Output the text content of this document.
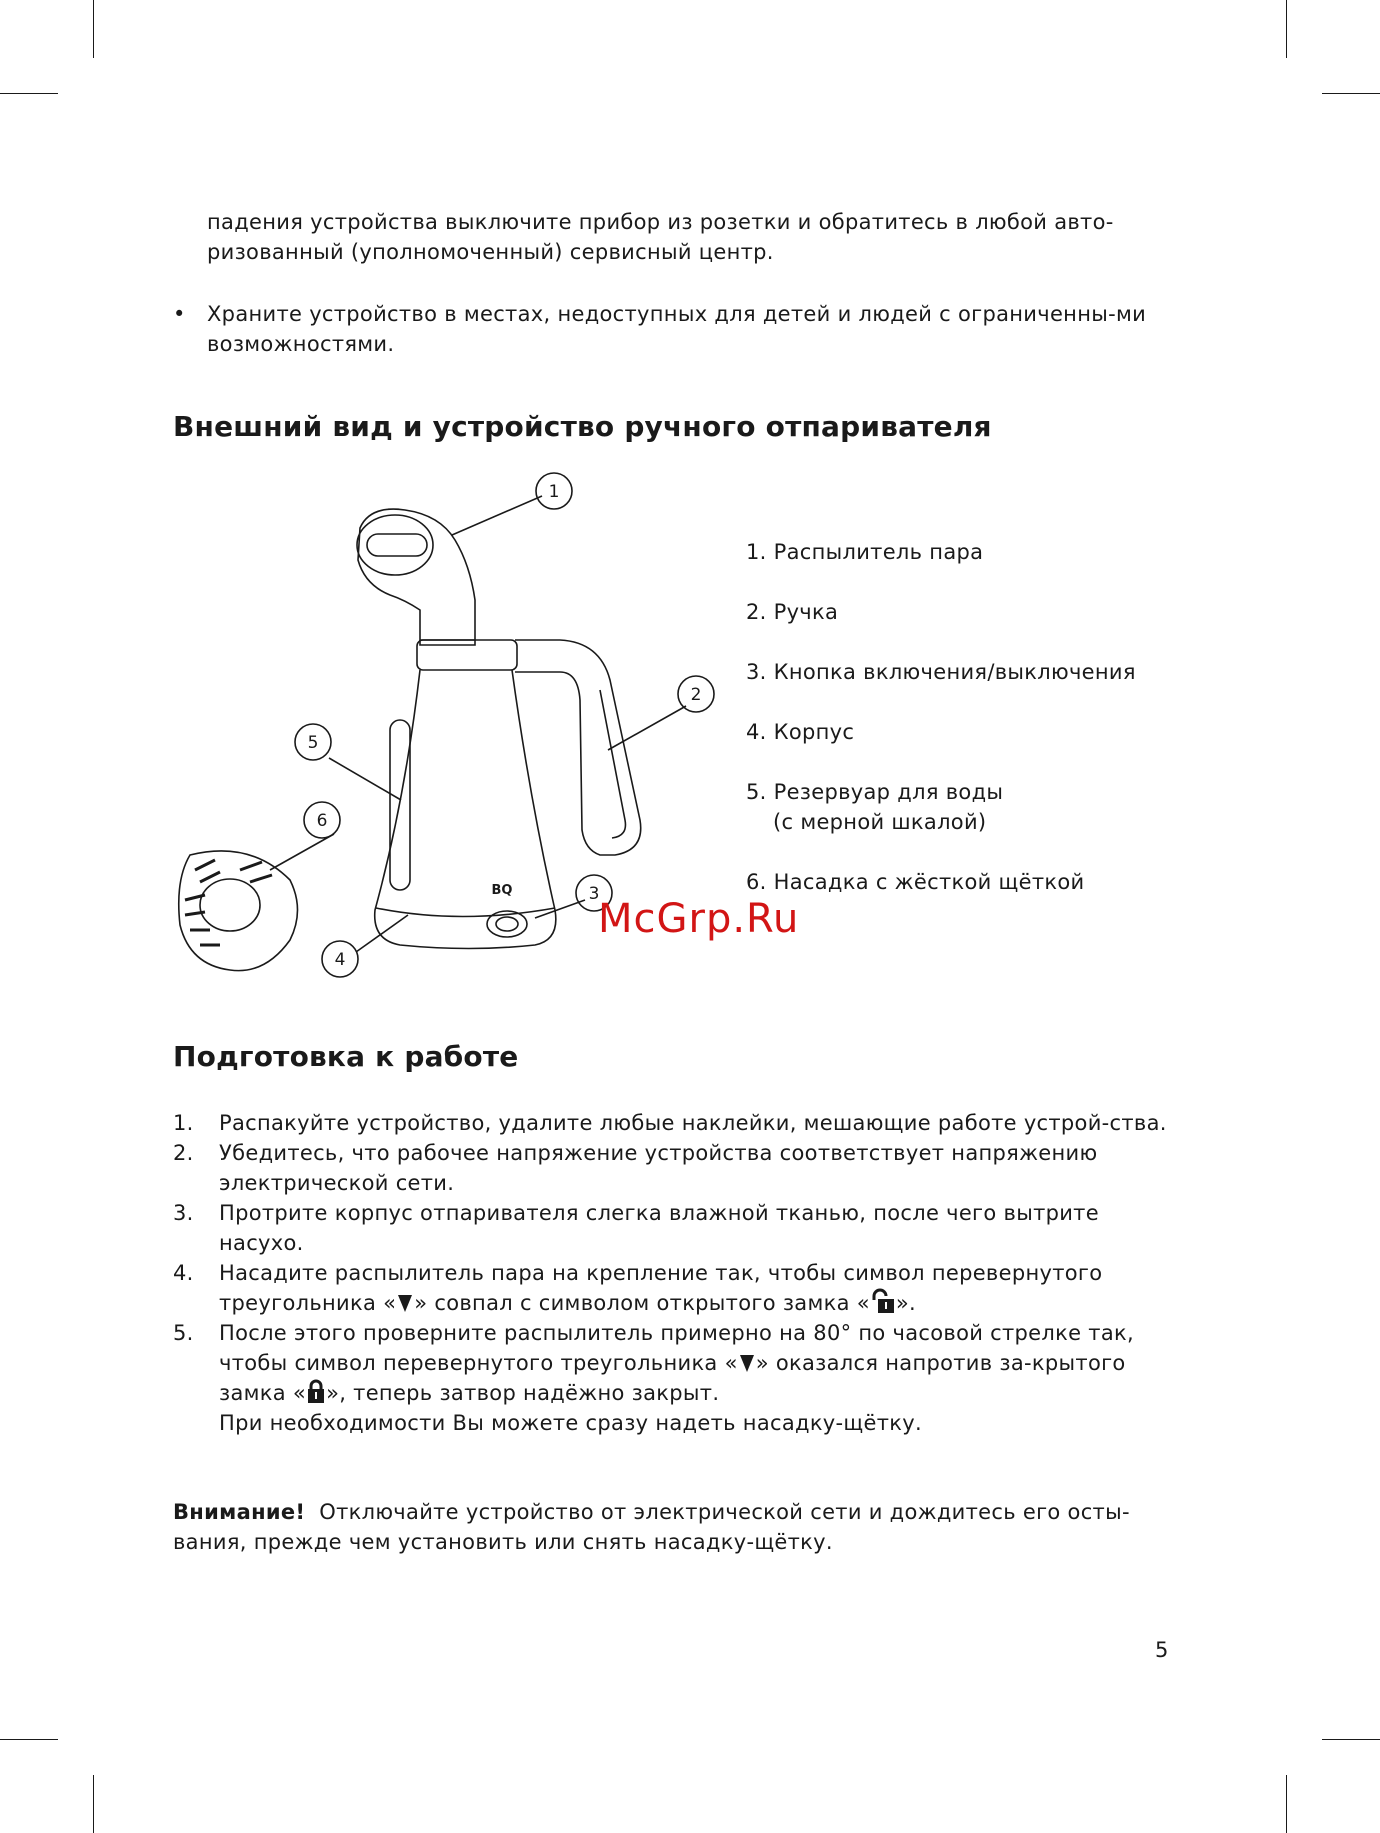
падения устройства выключите прибор из розетки и обратитесь в любой авто-ризованный (уполномоченный) сервисный центр.
• Храните устройство в местах, недоступных для детей и людей с ограниченны-ми возможностями.
Внешний вид и устройство ручного отпаривателя
1
2
3
4
5
6
BQ
1. Распылитель пара
2. Ручка
3. Кнопка включения/выключения
4. Корпус
5. Резервуар для воды
(с мерной шкалой)
6. Насадка с жёсткой щёткой
McGrp.Ru
Подготовка к работе
1. Распакуйте устройство, удалите любые наклейки, мешающие работе устрой-ства.
2. Убедитесь, что рабочее напряжение устройства соответствует напряжению электрической сети.
3. Протрите корпус отпаривателя слегка влажной тканью, после чего вытрите насухо.
4. Насадите распылитель пара на крепление так, чтобы символ перевернутого треугольника « » совпал с символом открытого замка « ».
5. После этого проверните распылитель примерно на 80° по часовой стрелке так, чтобы символ перевернутого треугольника « » оказался напротив за-крытого замка « », теперь затвор надёжно закрыт.
При необходимости Вы можете сразу надеть насадку-щётку.
Внимание! Отключайте устройство от электрической сети и дождитесь его осты-вания, прежде чем установить или снять насадку-щётку.
5
